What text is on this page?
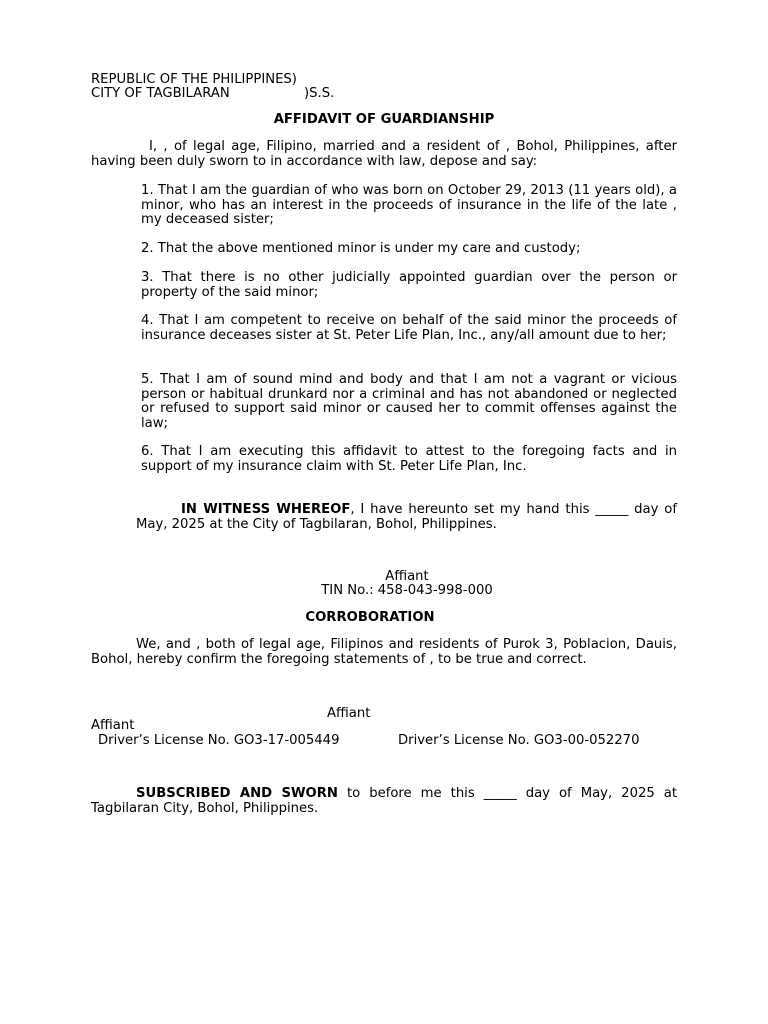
REPUBLIC OF THE PHILIPPINES)
CITY OF TAGBILARAN	)S.S.
AFFIDAVIT OF GUARDIANSHIP
I, , of legal age, Filipino, married and a resident of , Bohol, Philippines, after having been duly sworn to in accordance with law, depose and say:
1. That I am the guardian of who was born on October 29, 2013 (11 years old), a minor, who has an interest in the proceeds of insurance in the life of the late , my deceased sister;
2. That the above mentioned minor is under my care and custody;
3. That there is no other judicially appointed guardian over the person or property of the said minor;
4. That I am competent to receive on behalf of the said minor the proceeds of insurance deceases sister at St. Peter Life Plan, Inc., any/all amount due to her;
5. That I am of sound mind and body and that I am not a vagrant or vicious person or habitual drunkard nor a criminal and has not abandoned or neglected or refused to support said minor or caused her to commit offenses against the law;
6. That I am executing this affidavit to attest to the foregoing facts and in support of my insurance claim with St. Peter Life Plan, Inc.
IN WITNESS WHEREOF, I have hereunto set my hand this _____ day of May, 2025 at the City of Tagbilaran, Bohol, Philippines.
Affiant
TIN No.: 458-043-998-000
CORROBORATION
We, and , both of legal age, Filipinos and residents of Purok 3, Poblacion, Dauis, Bohol, hereby confirm the foregoing statements of , to be true and correct.
Affiant
Affiant
Driver’s License No. GO3-17-005449	Driver’s License No. GO3-00-052270
SUBSCRIBED AND SWORN to before me this _____ day of May, 2025 at Tagbilaran City, Bohol, Philippines.
